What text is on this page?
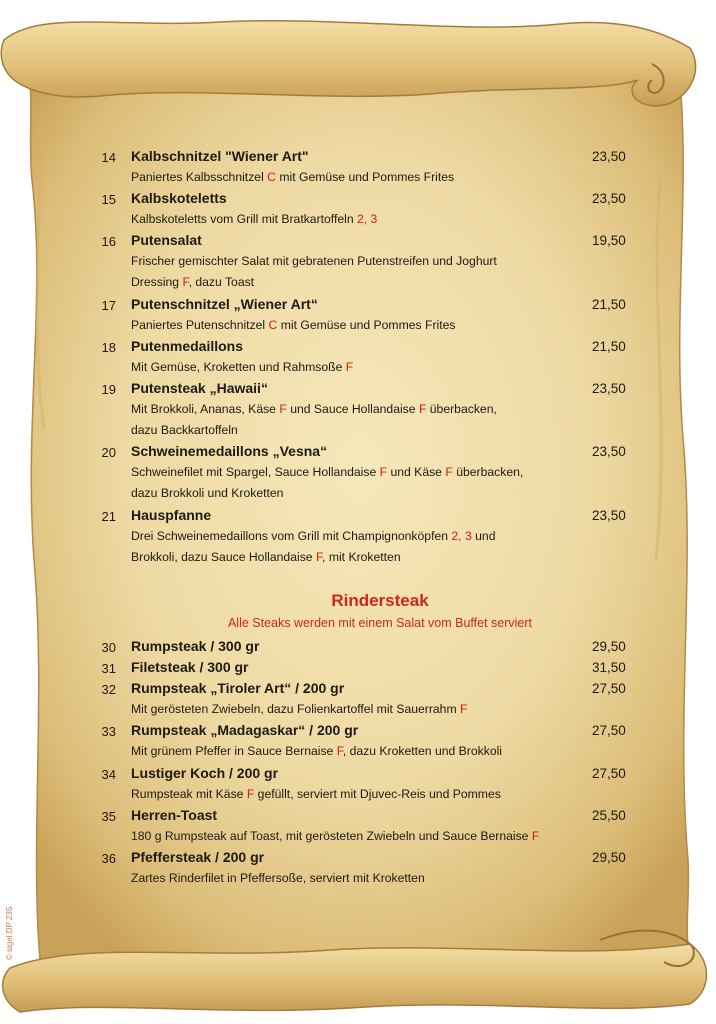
14 Kalbschnitzel "Wiener Art"	23,50
Paniertes Kalbsschnitzel C mit Gemüse und Pommes Frites
15 Kalbskoteletts	23,50
Kalbskoteletts vom Grill mit Bratkartoffeln 2, 3
16 Putensalat	19,50
Frischer gemischter Salat mit gebratenen Putenstreifen und Joghurt
Dressing F, dazu Toast
17 Putenschnitzel „Wiener Art“	21,50
Paniertes Putenschnitzel C mit Gemüse und Pommes Frites
18 Putenmedaillons	21,50
Mit Gemüse, Kroketten und Rahmsoße F
19 Putensteak „Hawaii“	23,50
Mit Brokkoli, Ananas, Käse F und Sauce Hollandaise F überbacken,
dazu Backkartoffeln
20 Schweinemedaillons „Vesna“	23,50
Schweinefilet mit Spargel, Sauce Hollandaise F und Käse F überbacken,
dazu Brokkoli und Kroketten
21 Hauspfanne	23,50
Drei Schweinemedaillons vom Grill mit Champignonköpfen 2, 3 und
Brokkoli, dazu Sauce Hollandaise F, mit Kroketten
30 Rumpsteak / 300 gr	29,50
31 Filetsteak / 300 gr	31,50
32 Rumpsteak „Tiroler Art“ / 200 gr	27,50
Mit gerösteten Zwiebeln, dazu Folienkartoffel mit Sauerrahm F
33 Rumpsteak „Madagaskar“ / 200 gr	27,50
Mit grünem Pfeffer in Sauce Bernaise F, dazu Kroketten und Brokkoli
34 Lustiger Koch / 200 gr	27,50
Rumpsteak mit Käse F gefüllt, serviert mit Djuvec-Reis und Pommes
35 Herren-Toast	25,50
180 g Rumpsteak auf Toast, mit gerösteten Zwiebeln und Sauce Bernaise F
36 Pfeffersteak / 200 gr	29,50
Zartes Rinderfilet in Pfeffersoße, serviert mit Kroketten
Rindersteak
Alle Steaks werden mit einem Salat vom Buffet serviert
© sigel DP 235
